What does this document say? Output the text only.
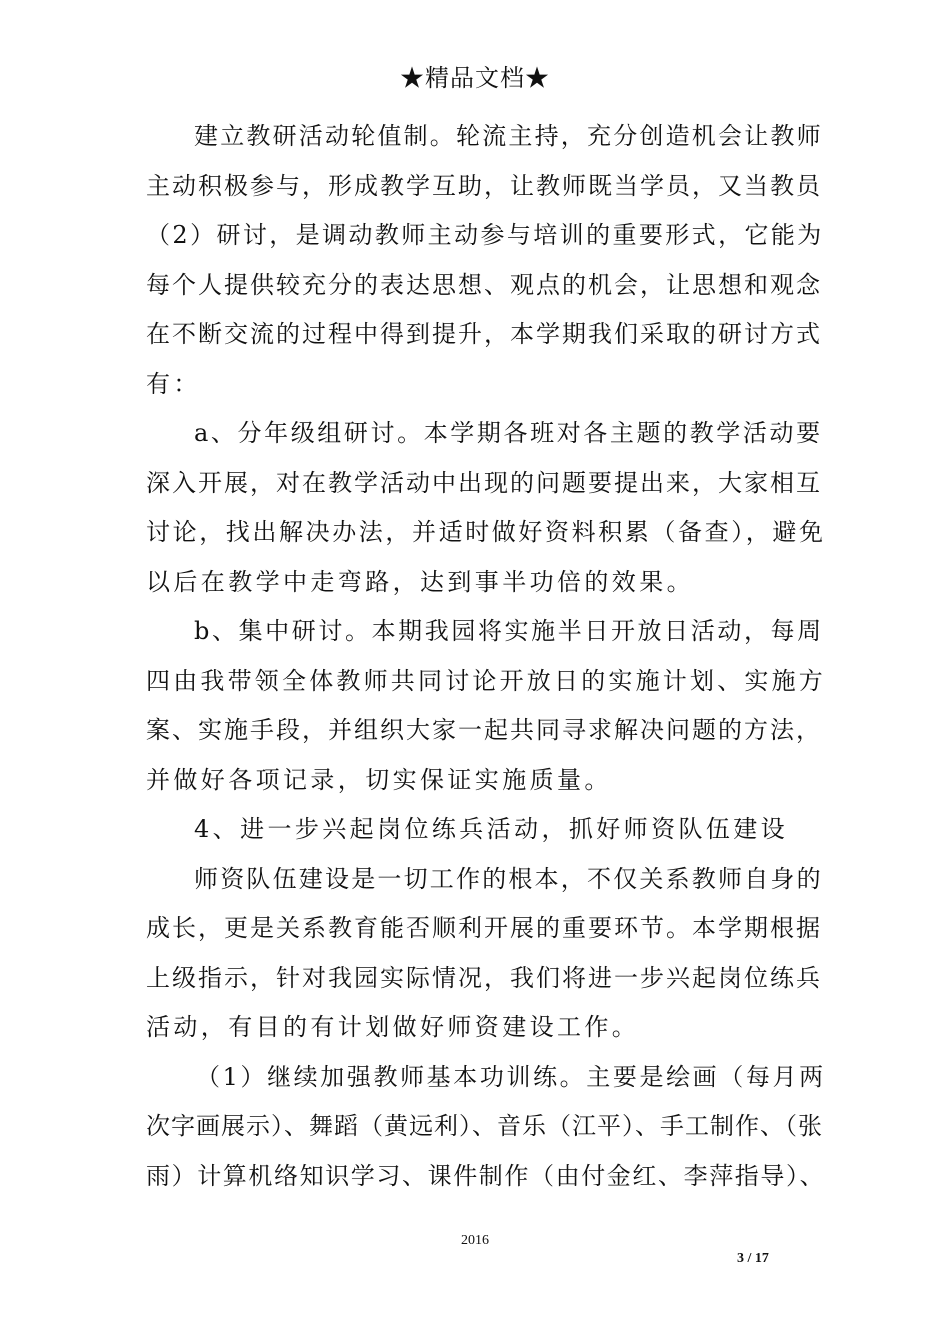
★精品文档★
建立教研活动轮值制。轮流主持，充分创造机会让教师
主动积极参与，形成教学互助，让教师既当学员，又当教员
（2）研讨，是调动教师主动参与培训的重要形式，它能为
每个人提供较充分的表达思想、观点的机会，让思想和观念
在不断交流的过程中得到提升，本学期我们采取的研讨方式
有：
a、分年级组研讨。本学期各班对各主题的教学活动要
深入开展，对在教学活动中出现的问题要提出来，大家相互
讨论，找出解决办法，并适时做好资料积累（备查），避免
以后在教学中走弯路，达到事半功倍的效果。
b、集中研讨。本期我园将实施半日开放日活动，每周
四由我带领全体教师共同讨论开放日的实施计划、实施方
案、实施手段，并组织大家一起共同寻求解决问题的方法，
并做好各项记录，切实保证实施质量。
4、进一步兴起岗位练兵活动，抓好师资队伍建设
师资队伍建设是一切工作的根本，不仅关系教师自身的
成长，更是关系教育能否顺利开展的重要环节。本学期根据
上级指示，针对我园实际情况，我们将进一步兴起岗位练兵
活动，有目的有计划做好师资建设工作。
（1）继续加强教师基本功训练。主要是绘画（每月两
次字画展示）、舞蹈（黄远利）、音乐（江平）、手工制作、（张
雨）计算机络知识学习、课件制作（由付金红、李萍指导）、
2016
3 / 17
